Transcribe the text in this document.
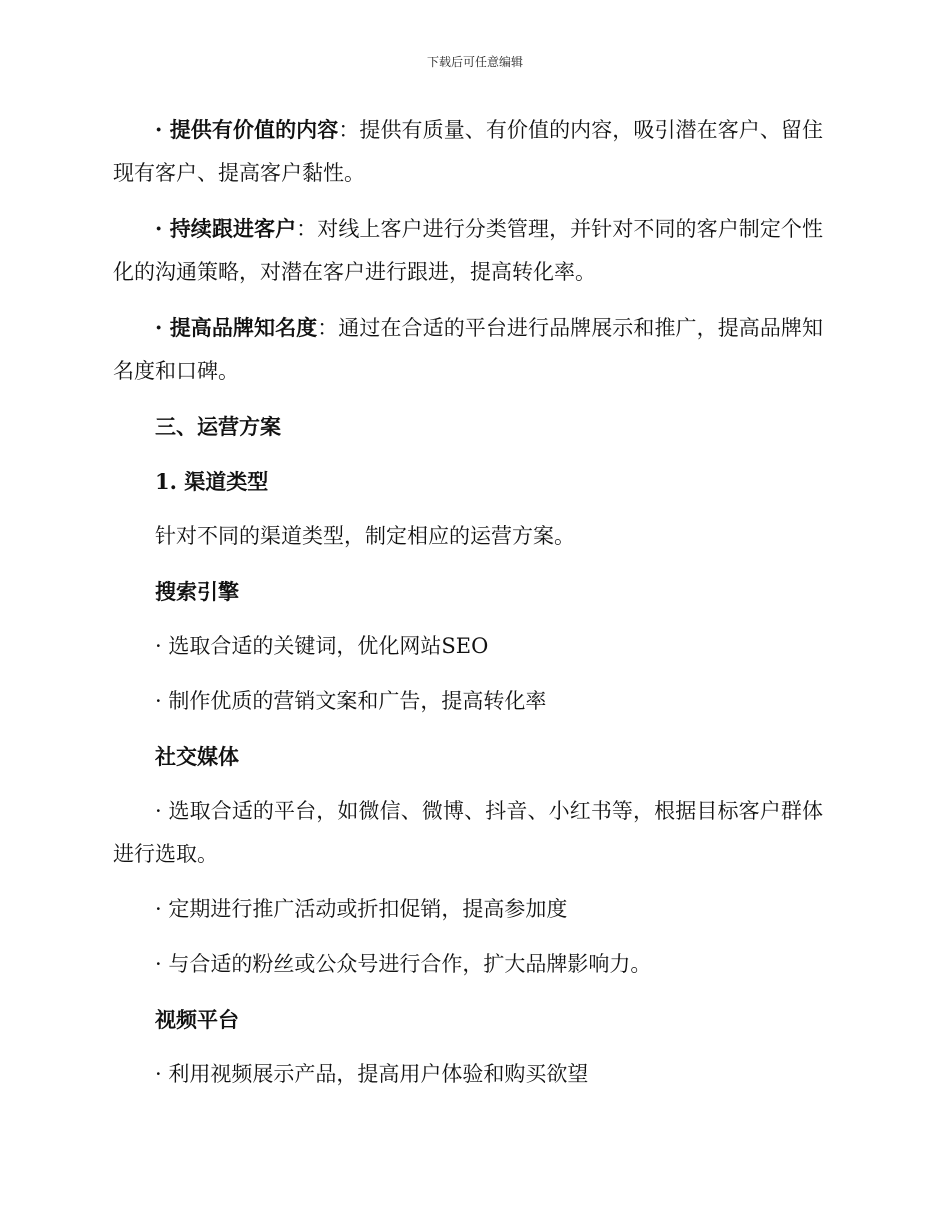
下载后可任意编辑

· 提供有价值的内容：提供有质量、有价值的内容，吸引潜在客户、留住现有客户、提高客户黏性。

· 持续跟进客户：对线上客户进行分类管理，并针对不同的客户制定个性化的沟通策略，对潜在客户进行跟进，提高转化率。

· 提高品牌知名度：通过在合适的平台进行品牌展示和推广，提高品牌知名度和口碑。

三、运营方案

1. 渠道类型

针对不同的渠道类型，制定相应的运营方案。

搜索引擎

· 选取合适的关键词，优化网站SEO

· 制作优质的营销文案和广告，提高转化率

社交媒体

· 选取合适的平台，如微信、微博、抖音、小红书等，根据目标客户群体进行选取。

· 定期进行推广活动或折扣促销，提高参加度

· 与合适的粉丝或公众号进行合作，扩大品牌影响力。

视频平台

· 利用视频展示产品，提高用户体验和购买欲望
